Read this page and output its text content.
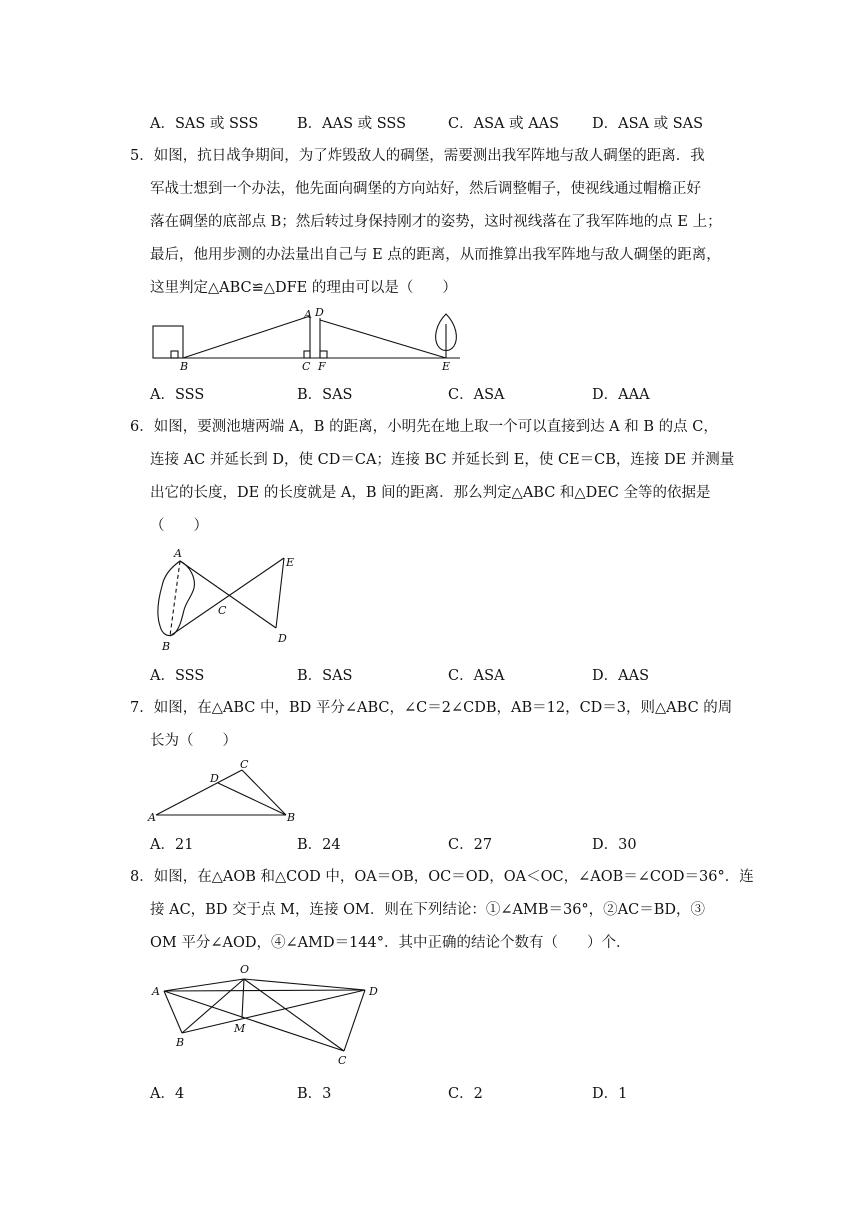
A．SAS 或 SSS	B．AAS 或 SSS	C．ASA 或 AAS D．ASA 或 SAS
5．如图，抗日战争期间，为了炸毁敌人的碉堡，需要测出我军阵地与敌人碉堡的距离．我
军战士想到一个办法，他先面向碉堡的方向站好，然后调整帽子，使视线通过帽檐正好
落在碉堡的底部点 B；然后转过身保持刚才的姿势，这时视线落在了我军阵地的点 E 上；
最后，他用步测的办法量出自己与 E 点的距离，从而推算出我军阵地与敌人碉堡的距离，
这里判定△ABC≌△DFE 的理由可以是（　　）
B
A D
C F	E
A．SSS	B．SAS	C．ASA	D．AAA
6．如图，要测池塘两端 A，B 的距离，小明先在地上取一个可以直接到达 A 和 B 的点 C，
连接 AC 并延长到 D，使 CD＝CA；连接 BC 并延长到 E，使 CE＝CB，连接 DE 并测量
出它的长度，DE 的长度就是 A，B 间的距离．那么判定△ABC 和△DEC 全等的依据是
（　　）
A
B
C
E
D
A．SSS	B．SAS	C．ASA	D．AAS
7．如图，在△ABC 中，BD 平分∠ABC，∠C＝2∠CDB，AB＝12，CD＝3，则△ABC 的周
长为（　　）
A	B
C
D
A．21	B．24	C．27	D．30
8．如图，在△AOB 和△COD 中，OA＝OB，OC＝OD，OA＜OC，∠AOB＝∠COD＝36°．连
接 AC，BD 交于点 M，连接 OM．则在下列结论：①∠AMB＝36°，②AC＝BD，③
OM 平分∠AOD，④∠AMD＝144°．其中正确的结论个数有（　　）个．
A
O
D
B
M
C
A．4	B．3	C．2	D．1
